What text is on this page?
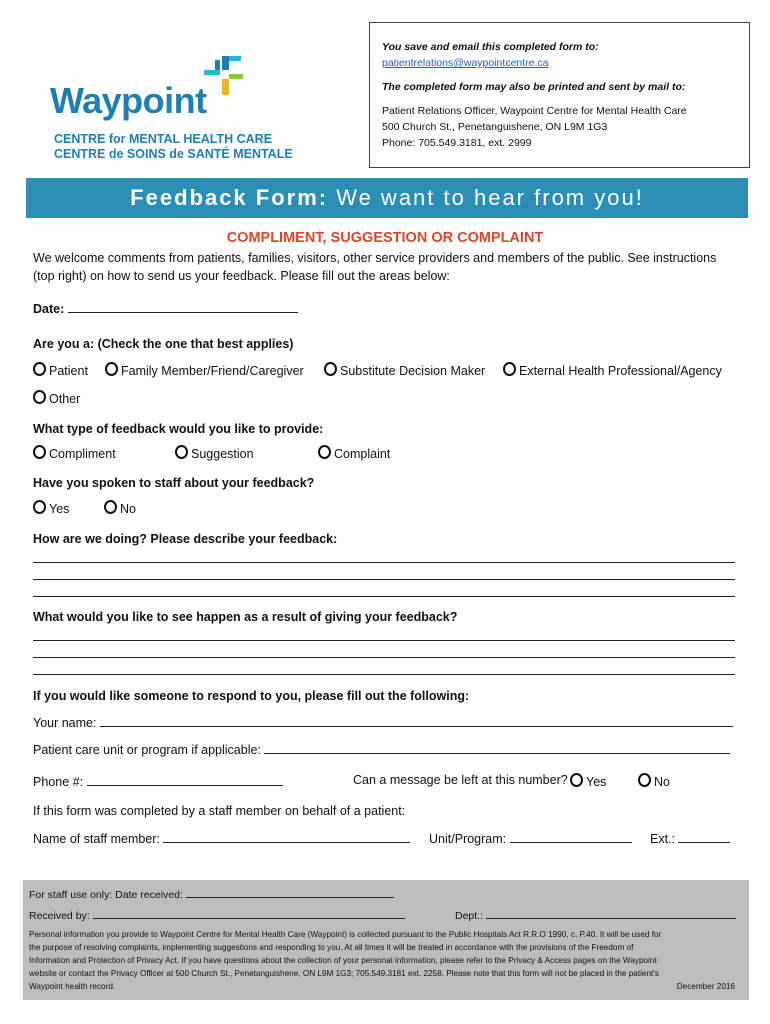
Waypoint
CENTRE for MENTAL HEALTH CARE
CENTRE de SOINS de SANTÉ MENTALE
You save and email this completed form to:
patientrelations@waypointcentre.ca
The completed form may also be printed and sent by mail to:
Patient Relations Officer, Waypoint Centre for Mental Health Care
500 Church St., Penetanguishene, ON L9M 1G3
Phone: 705.549.3181, ext. 2999
Feedback Form: We want to hear from you!
COMPLIMENT, SUGGESTION OR COMPLAINT
We welcome comments from patients, families, visitors, other service providers and members of the public. See instructions
(top right) on how to send us your feedback. Please fill out the areas below:
Date:
Are you a: (Check the one that best applies)
Patient	Family Member/Friend/Caregiver	Substitute Decision Maker	External Health Professional/Agency
Other
What type of feedback would you like to provide:
Compliment	Suggestion	Complaint
Have you spoken to staff about your feedback?
Yes	No
How are we doing? Please describe your feedback:
What would you like to see happen as a result of giving your feedback?
If you would like someone to respond to you, please fill out the following:
Your name:
Patient care unit or program if applicable:
Phone #:	Can a message be left at this number?	Yes	No
If this form was completed by a staff member on behalf of a patient:
Name of staff member:	Unit/Program:	Ext.:
For staff use only: Date received:
Received by:	Dept.:
Personal information you provide to Waypoint Centre for Mental Health Care (Waypoint) is collected pursuant to the Public Hospitals Act R.R.O 1990, c. P.40. It will be used for
the purpose of resolving complaints, implementing suggestions and responding to you. At all times it will be treated in accordance with the provisions of the Freedom of
Information and Protection of Privacy Act. If you have questions about the collection of your personal information, please refer to the Privacy & Access pages on the Waypoint
website or contact the Privacy Officer at 500 Church St., Penetanguishene, ON L9M 1G3; 705.549.3181 ext. 2258. Please note that this form will not be placed in the patient's
Waypoint health record.	December 2016
